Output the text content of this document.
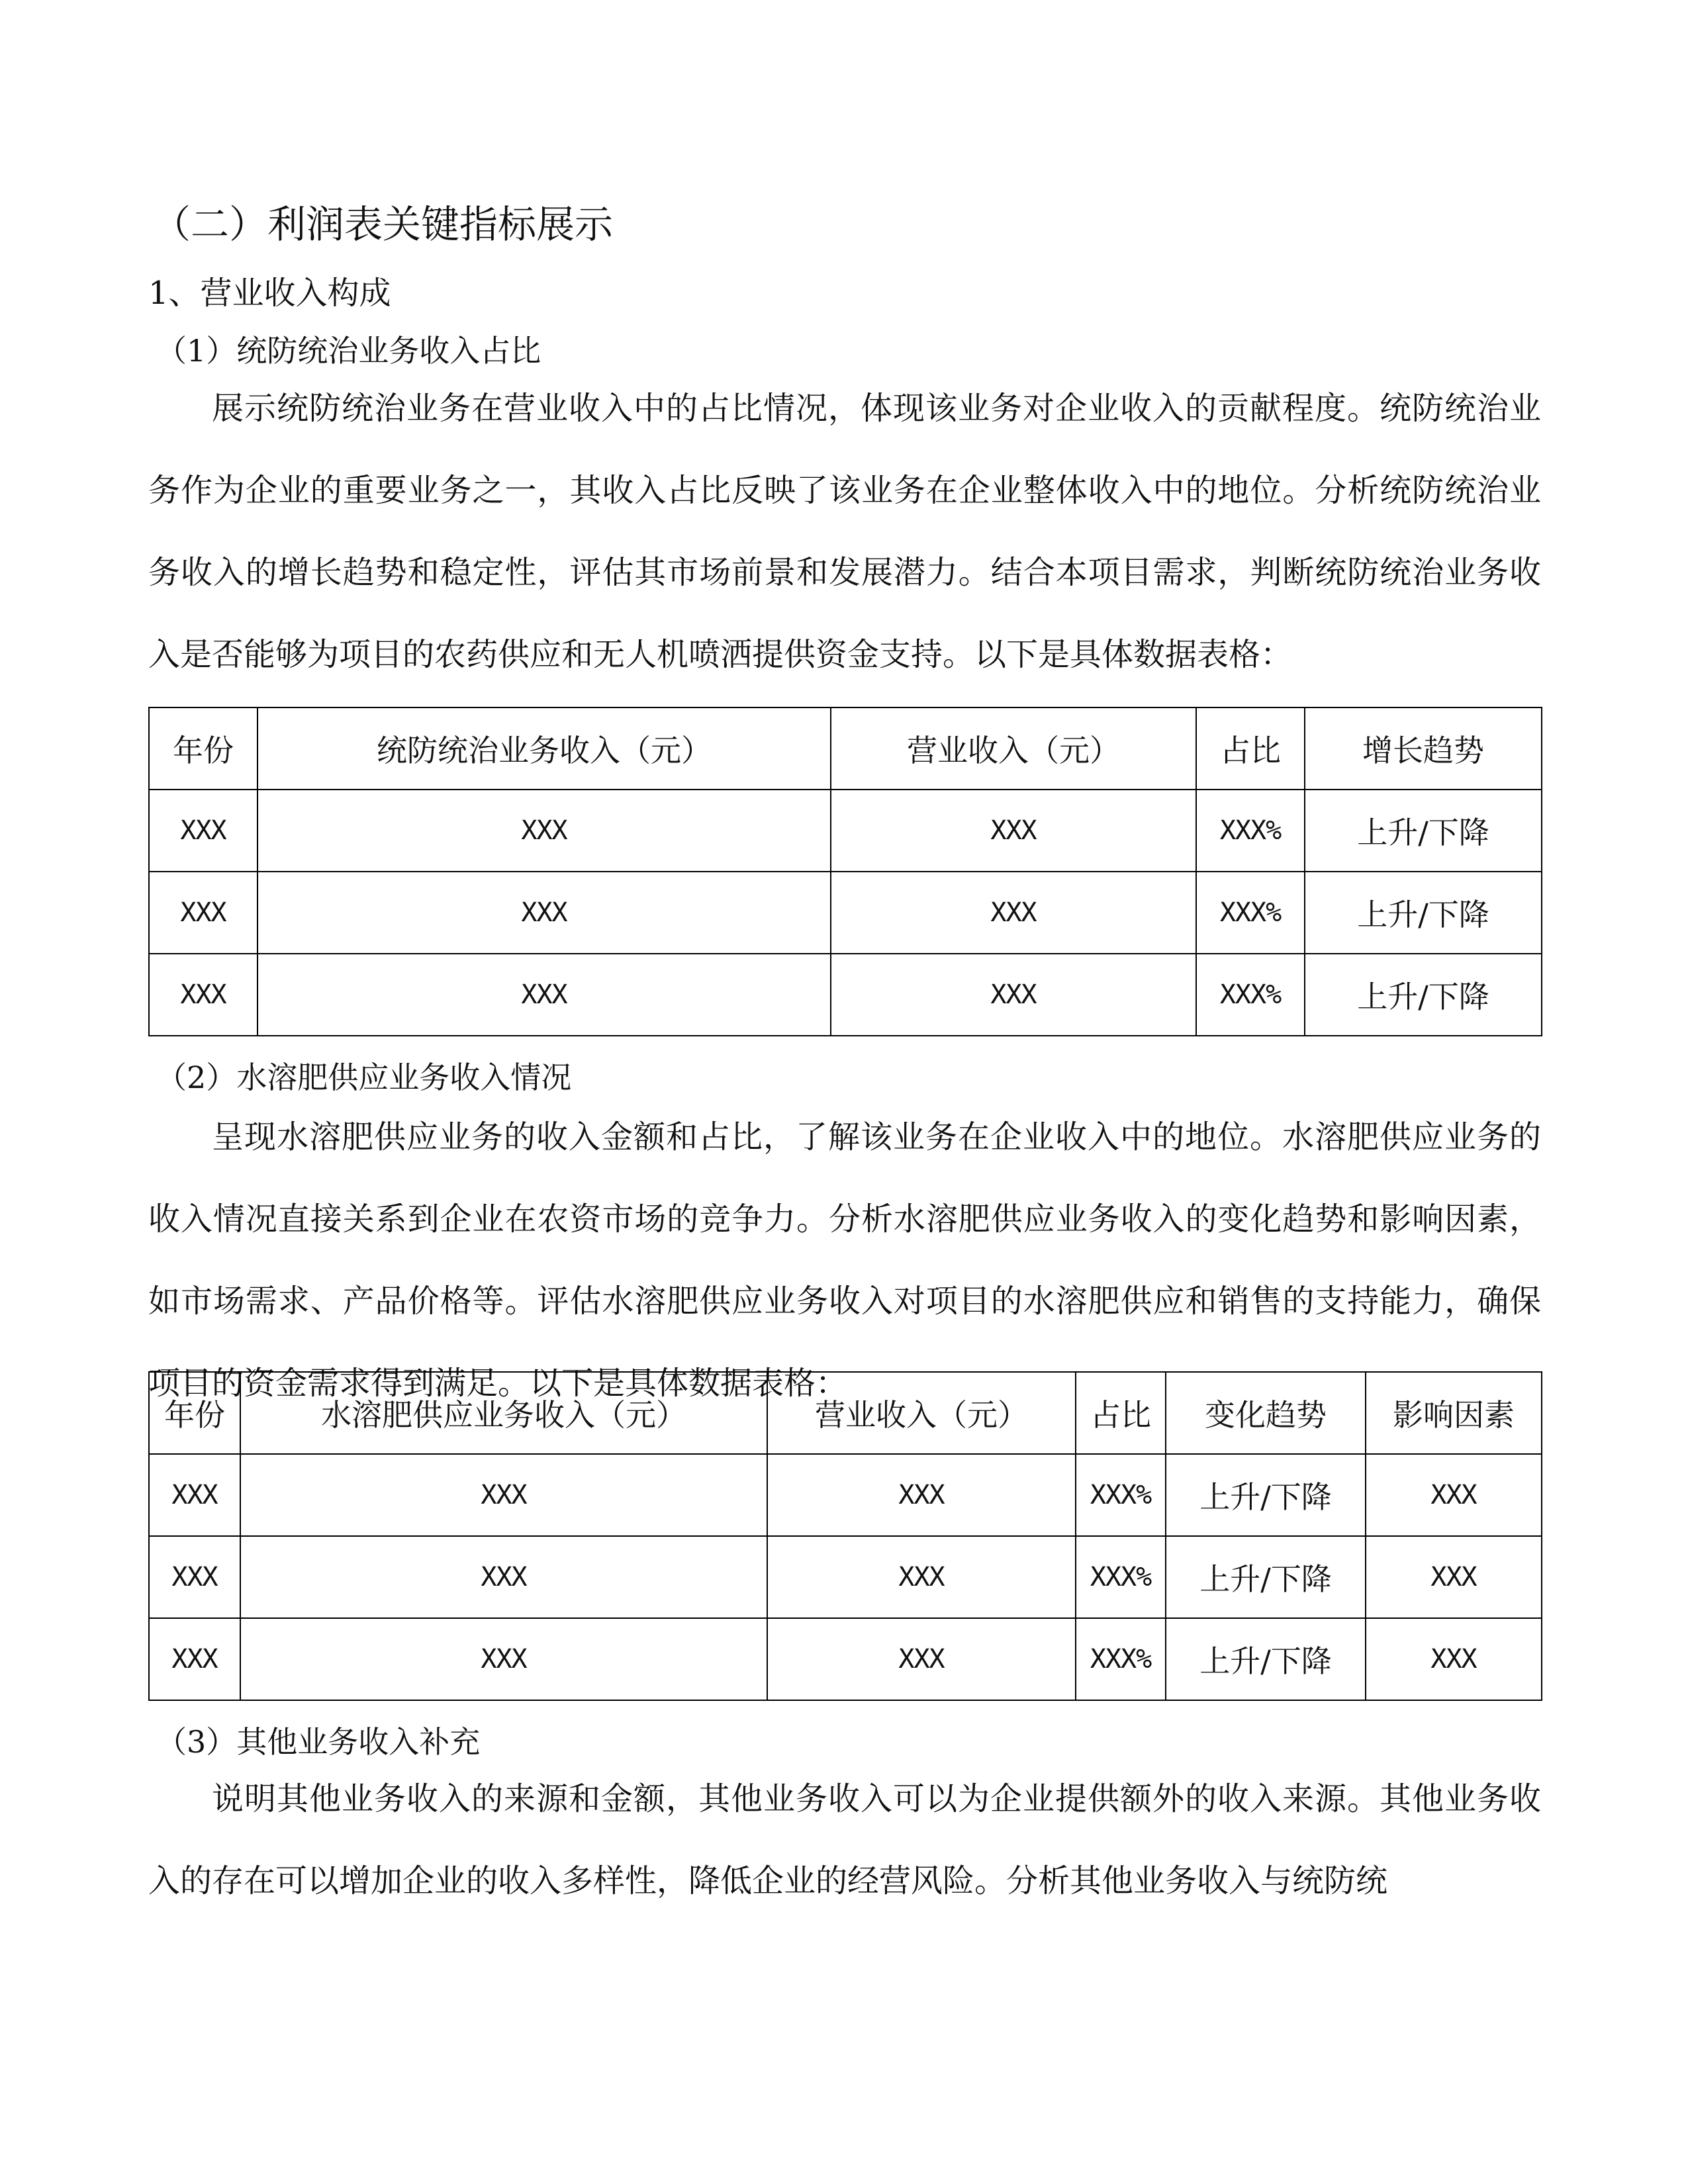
（二）利润表关键指标展示
1、营业收入构成
（1）统防统治业务收入占比

展示统防统治业务在营业收入中的占比情况，体现该业务对企业收入的贡献程度。统防统治业务作为企业的重要业务之一，其收入占比反映了该业务在企业整体收入中的地位。分析统防统治业务收入的增长趋势和稳定性，评估其市场前景和发展潜力。结合本项目需求，判断统防统治业务收入是否能够为项目的农药供应和无人机喷洒提供资金支持。以下是具体数据表格：

年份	统防统治业务收入（元）	营业收入（元）	占比	增长趋势
XXX	XXX	XXX	XXX%	上升/下降
XXX	XXX	XXX	XXX%	上升/下降
XXX	XXX	XXX	XXX%	上升/下降
（2）水溶肥供应业务收入情况

呈现水溶肥供应业务的收入金额和占比，了解该业务在企业收入中的地位。水溶肥供应业务的收入情况直接关系到企业在农资市场的竞争力。分析水溶肥供应业务收入的变化趋势和影响因素，如市场需求、产品价格等。评估水溶肥供应业务收入对项目的水溶肥供应和销售的支持能力，确保项目的资金需求得到满足。以下是具体数据表格：

年份	水溶肥供应业务收入（元）	营业收入（元）	占比	变化趋势	影响因素
XXX	XXX	XXX	XXX%	上升/下降	XXX
XXX	XXX	XXX	XXX%	上升/下降	XXX
XXX	XXX	XXX	XXX%	上升/下降	XXX
（3）其他业务收入补充

说明其他业务收入的来源和金额，其他业务收入可以为企业提供额外的收入来源。其他业务收入的存在可以增加企业的收入多样性，降低企业的经营风险。分析其他业务收入与统防统
